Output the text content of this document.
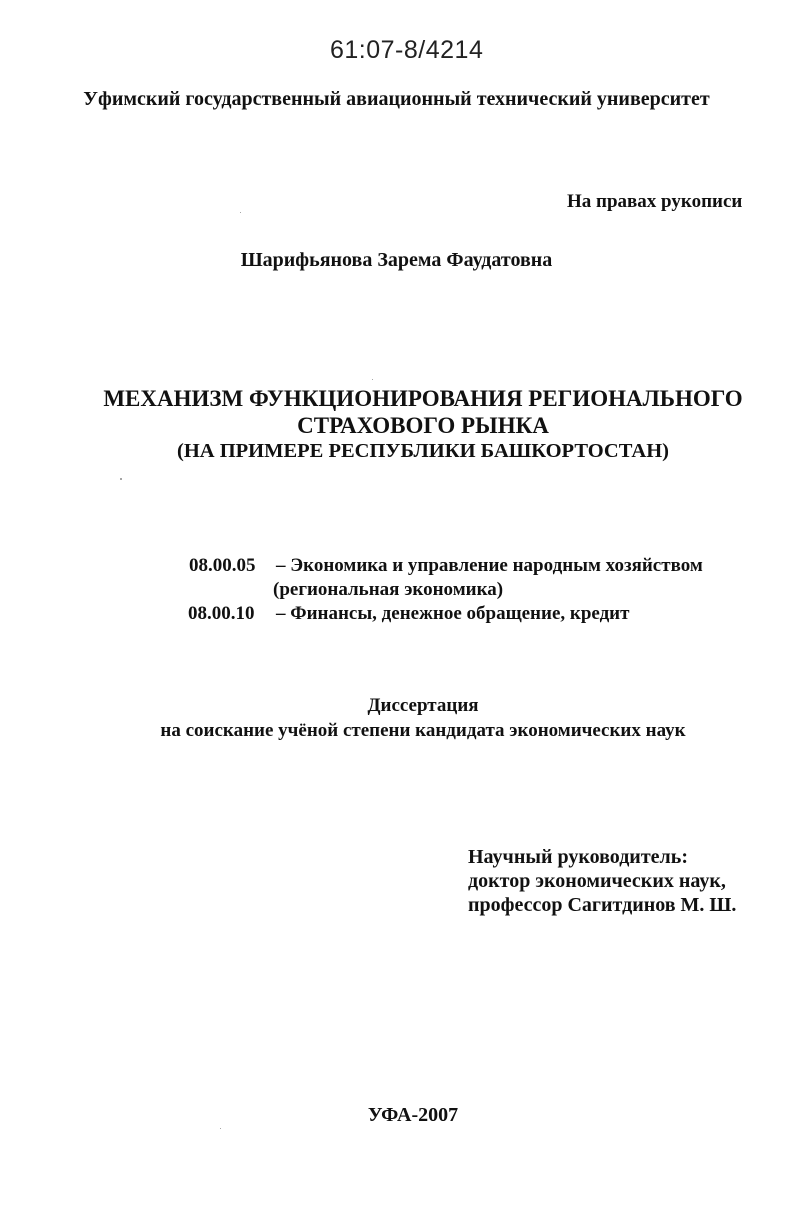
61:07-8/4214
Уфимский государственный авиационный технический университет
На правах рукописи
Шарифьянова Зарема Фаудатовна
МЕХАНИЗМ ФУНКЦИОНИРОВАНИЯ РЕГИОНАЛЬНОГО
СТРАХОВОГО РЫНКА
(НА ПРИМЕРЕ РЕСПУБЛИКИ БАШКОРТОСТАН)
08.00.05 – Экономика и управление народным хозяйством
(региональная экономика)
08.00.10 – Финансы, денежное обращение, кредит
Диссертация
на соискание учёной степени кандидата экономических наук
Научный руководитель:
доктор экономических наук,
профессор Сагитдинов М. Ш.
УФА-2007
